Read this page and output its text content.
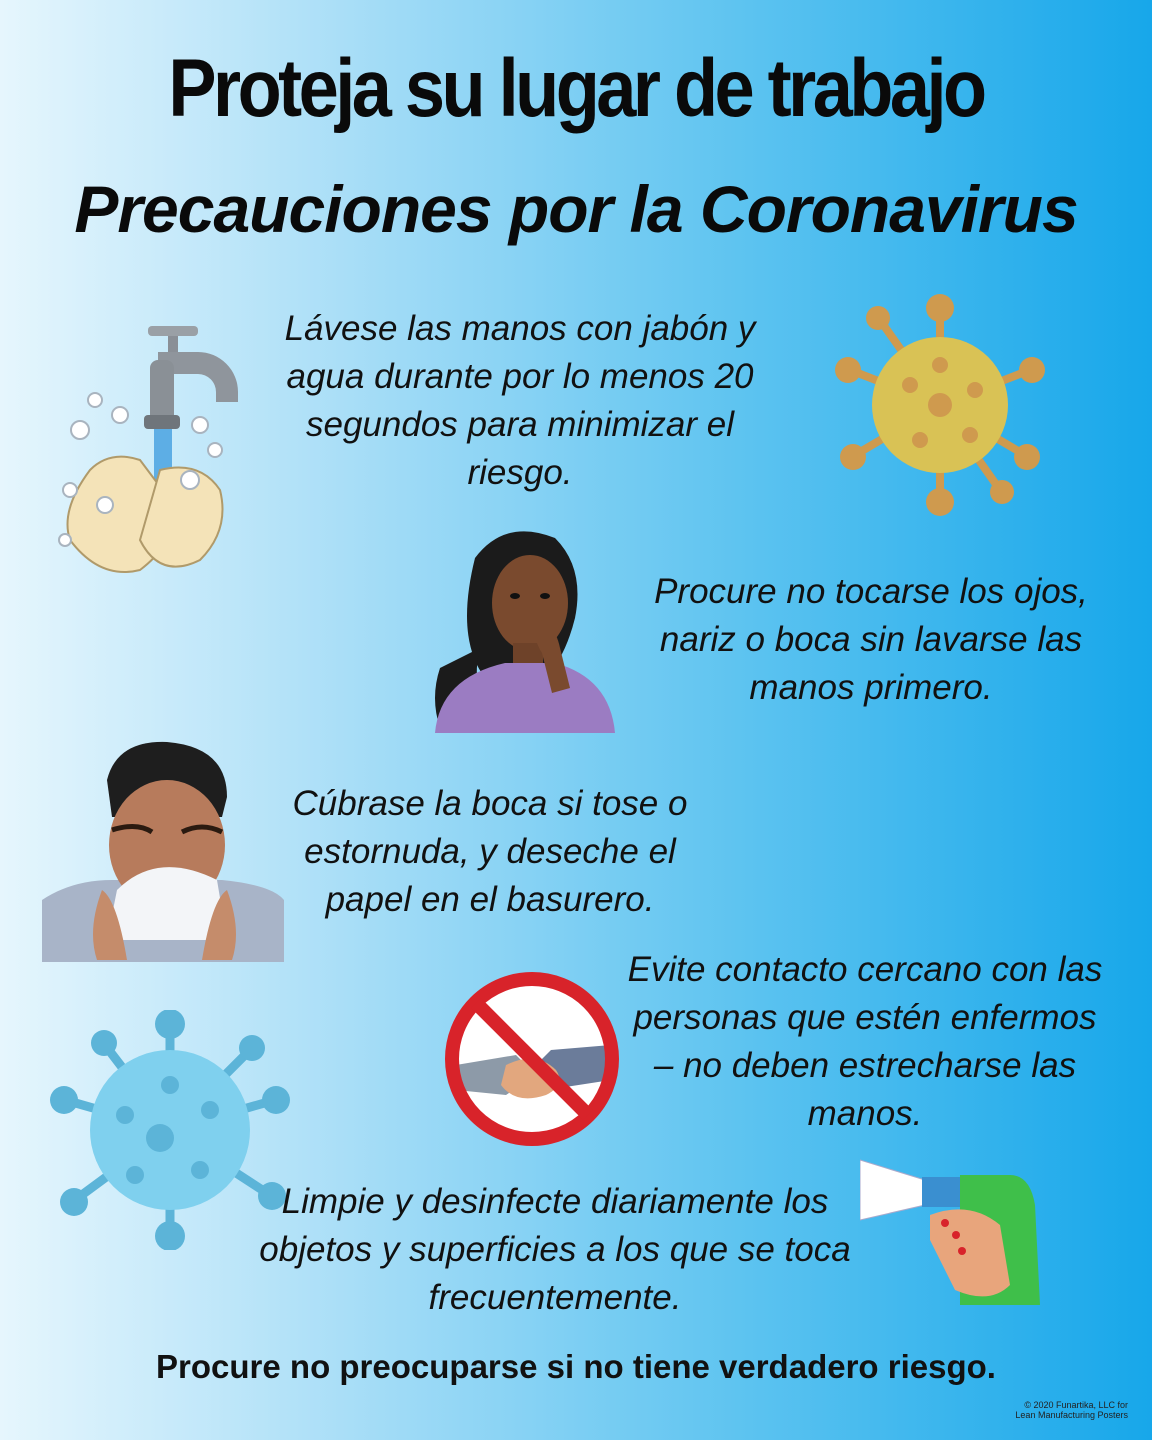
Proteja su lugar de trabajo
Precauciones por la Coronavirus

Lávese las manos con jabón y agua durante por lo menos 20 segundos para minimizar el riesgo.

Procure no tocarse los ojos, nariz o boca sin lavarse las manos primero.

Cúbrase la boca si tose o estornuda, y deseche el papel en el basurero.

Evite contacto cercano con las personas que estén enfermos – no deben estrecharse las manos.

Limpie y desinfecte diariamente los objetos y superficies a los que se toca frecuentemente.

Procure no preocuparse si no tiene verdadero riesgo.

© 2020 Funartika, LLC for
Lean Manufacturing Posters
